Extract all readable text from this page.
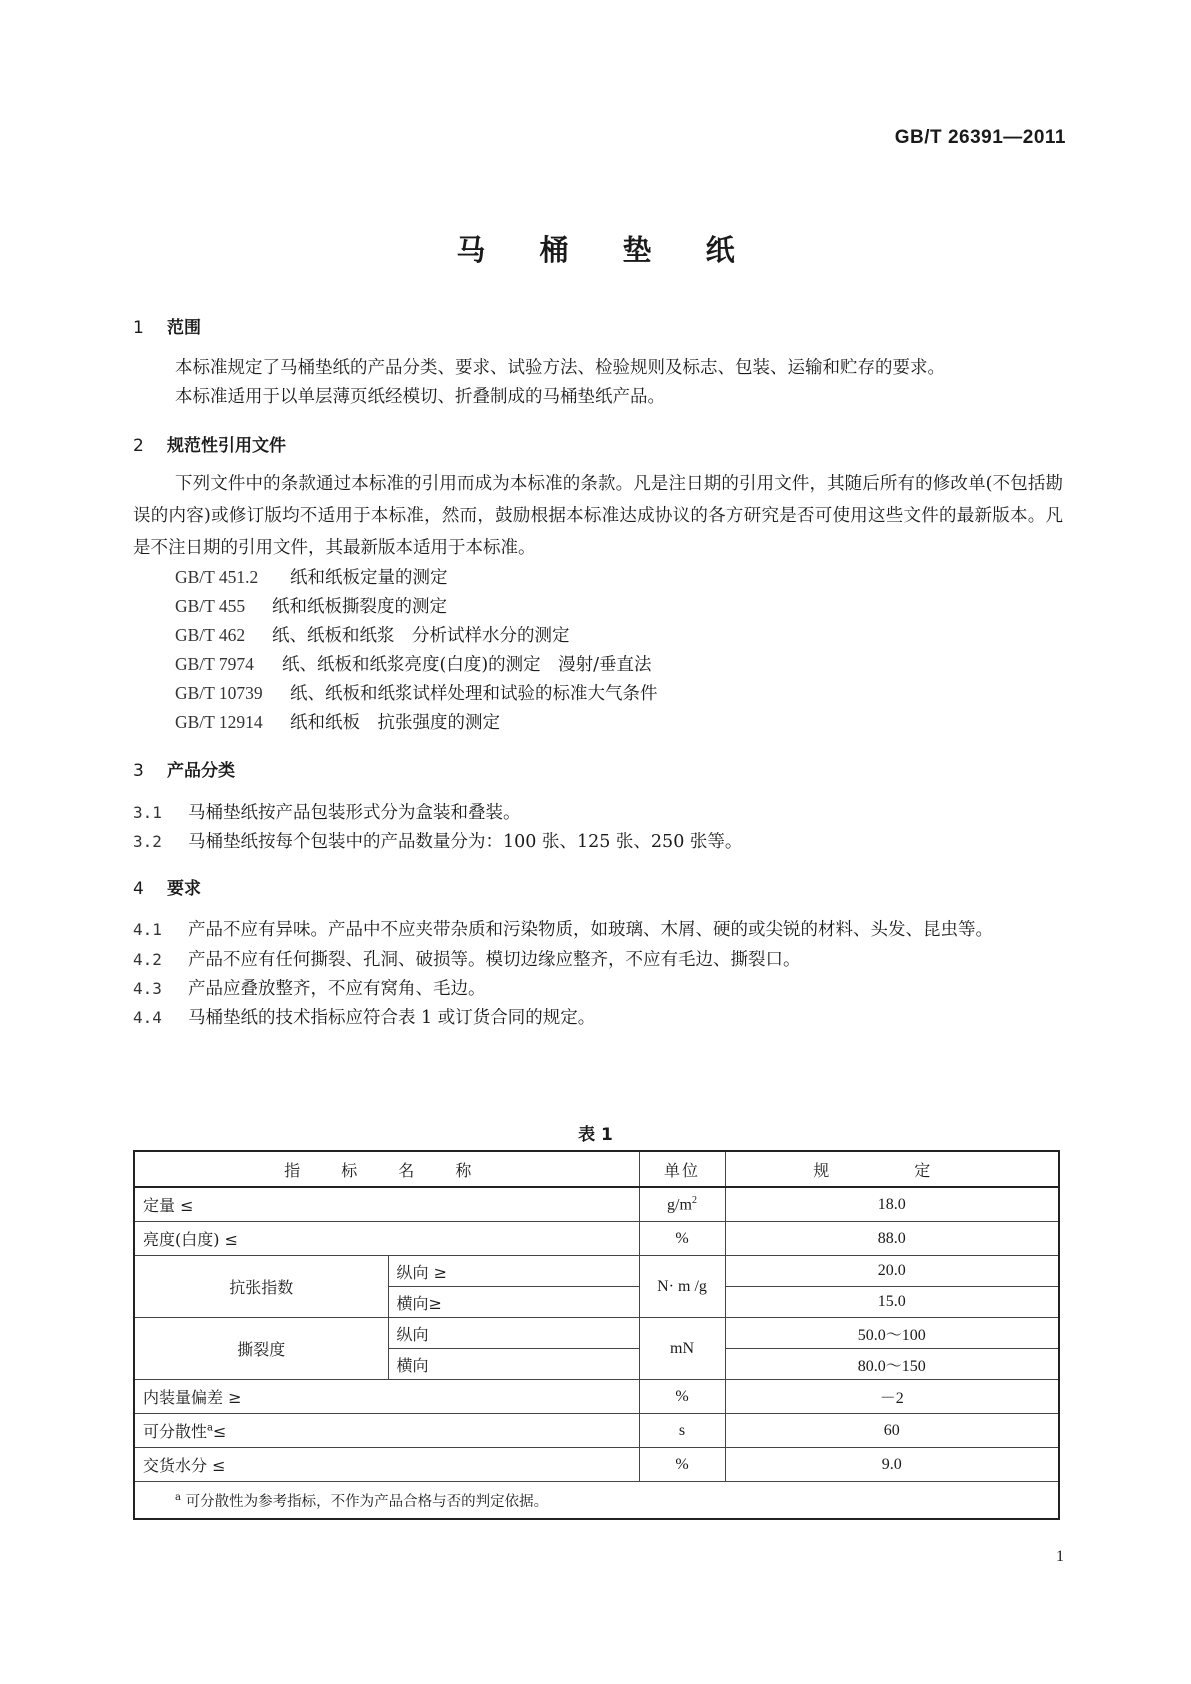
GB/T 26391—2011
马 桶 垫 纸
1 范围
本标准规定了马桶垫纸的产品分类、要求、试验方法、检验规则及标志、包装、运输和贮存的要求。
本标准适用于以单层薄页纸经模切、折叠制成的马桶垫纸产品。
2 规范性引用文件
下列文件中的条款通过本标准的引用而成为本标准的条款。凡是注日期的引用文件，其随后所有的修改单(不包括勘误的内容)或修订版均不适用于本标准，然而，鼓励根据本标准达成协议的各方研究是否可使用这些文件的最新版本。凡是不注日期的引用文件，其最新版本适用于本标准。
GB/T 451.2 纸和纸板定量的测定
GB/T 455 纸和纸板撕裂度的测定
GB/T 462 纸、纸板和纸浆　分析试样水分的测定
GB/T 7974 纸、纸板和纸浆亮度(白度)的测定　漫射/垂直法
GB/T 10739 纸、纸板和纸浆试样处理和试验的标准大气条件
GB/T 12914 纸和纸板　抗张强度的测定
3 产品分类
3.1 马桶垫纸按产品包装形式分为盒装和叠装。
3.2 马桶垫纸按每个包装中的产品数量分为：100 张、125 张、250 张等。
4 要求
4.1 产品不应有异味。产品中不应夹带杂质和污染物质，如玻璃、木屑、硬的或尖锐的材料、头发、昆虫等。
4.2 产品不应有任何撕裂、孔洞、破损等。模切边缘应整齐，不应有毛边、撕裂口。
4.3 产品应叠放整齐，不应有窝角、毛边。
4.4 马桶垫纸的技术指标应符合表 1 或订货合同的规定。
表 1
指 标 名 称		单位	规 定
定量 ≤		$g/m^2$	18.0
亮度(白度) ≤		%	88.0
抗张指数	纵向 ≥	N· m /g	20.0
	横向≥		15.0
撕裂度	纵向	mN	50.0～100
	横向		80.0～150
内装量偏差 ≥		%	－2
可分散性$^a$≤		s	60
交货水分 ≤		%	9.0
$^a$ 可分散性为参考指标，不作为产品合格与否的判定依据。			
1
